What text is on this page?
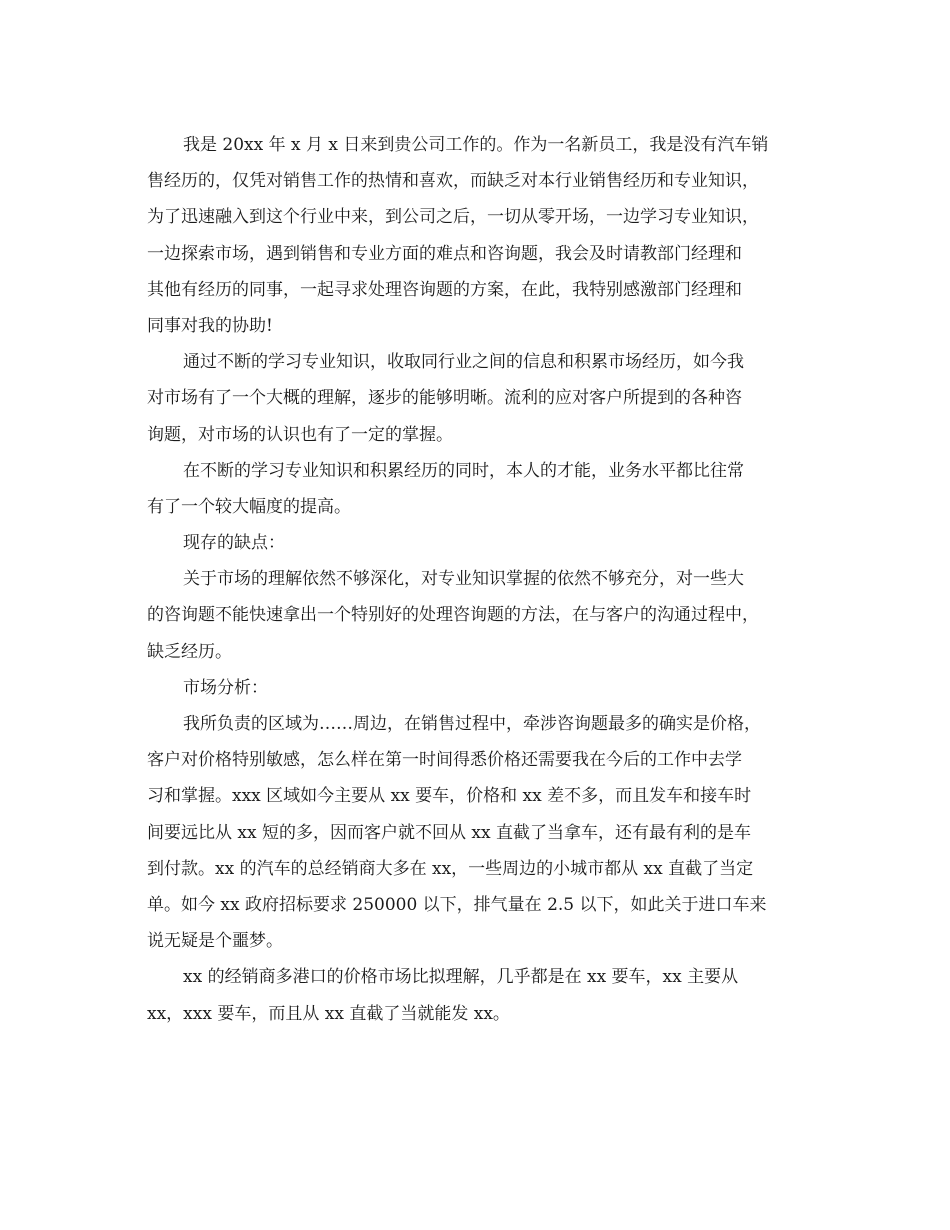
我是 20xx 年 x 月 x 日来到贵公司工作的。作为一名新员工，我是没有汽车销
售经历的，仅凭对销售工作的热情和喜欢，而缺乏对本行业销售经历和专业知识，
为了迅速融入到这个行业中来，到公司之后，一切从零开场，一边学习专业知识，
一边探索市场，遇到销售和专业方面的难点和咨询题，我会及时请教部门经理和
其他有经历的同事，一起寻求处理咨询题的方案，在此，我特别感激部门经理和
同事对我的协助!
通过不断的学习专业知识，收取同行业之间的信息和积累市场经历，如今我
对市场有了一个大概的理解，逐步的能够明晰。流利的应对客户所提到的各种咨
询题，对市场的认识也有了一定的掌握。
在不断的学习专业知识和积累经历的同时，本人的才能，业务水平都比往常
有了一个较大幅度的提高。
现存的缺点：
关于市场的理解依然不够深化，对专业知识掌握的依然不够充分，对一些大
的咨询题不能快速拿出一个特别好的处理咨询题的方法，在与客户的沟通过程中，
缺乏经历。
市场分析：
我所负责的区域为……周边，在销售过程中，牵涉咨询题最多的确实是价格，
客户对价格特别敏感，怎么样在第一时间得悉价格还需要我在今后的工作中去学
习和掌握。xxx 区域如今主要从 xx 要车，价格和 xx 差不多，而且发车和接车时
间要远比从 xx 短的多，因而客户就不回从 xx 直截了当拿车，还有最有利的是车
到付款。xx 的汽车的总经销商大多在 xx，一些周边的小城市都从 xx 直截了当定
单。如今 xx 政府招标要求 250000 以下，排气量在 2.5 以下，如此关于进口车来
说无疑是个噩梦。
xx 的经销商多港口的价格市场比拟理解，几乎都是在 xx 要车，xx 主要从
xx，xxx 要车，而且从 xx 直截了当就能发 xx。
